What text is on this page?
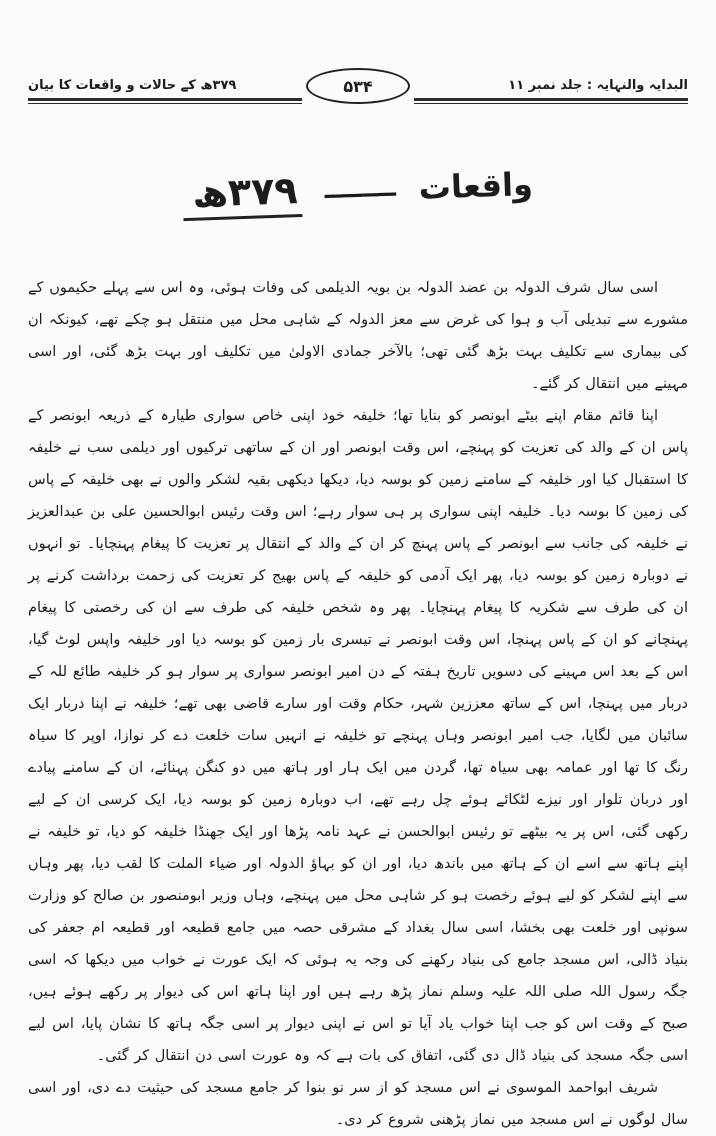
البدایہ والنہایہ : جلد نمبر ۱۱
۵۳۴
۳۷۹ھ کے حالات و واقعات کا بیان
واقعات ــــــــ ۳۷۹ھ

اسی سال شرف الدولہ بن عضد الدولہ بن بویہ الدیلمی کی وفات ہوئی، وہ اس سے پہلے حکیموں کے مشورے سے تبدیلی آب و ہوا کی غرض سے معز الدولہ کے شاہی محل میں منتقل ہو چکے تھے، کیونکہ ان کی بیماری سے تکلیف بہت بڑھ گئی تھی؛ بالآخر جمادی الاولیٰ میں تکلیف اور بہت بڑھ گئی، اور اسی مہینے میں انتقال کر گئے۔

اپنا قائم مقام اپنے بیٹے ابونصر کو بنایا تھا؛ خلیفہ خود اپنی خاص سواری طیارہ کے ذریعہ ابونصر کے پاس ان کے والد کی تعزیت کو پہنچے، اس وقت ابونصر اور ان کے ساتھی ترکیوں اور دیلمی سب نے خلیفہ کا استقبال کیا اور خلیفہ کے سامنے زمین کو بوسہ دیا، دیکھا دیکھی بقیہ لشکر والوں نے بھی خلیفہ کے پاس کی زمین کا بوسہ دیا۔ خلیفہ اپنی سواری پر ہی سوار رہے؛ اس وقت رئیس ابوالحسین علی بن عبدالعزیز نے خلیفہ کی جانب سے ابونصر کے پاس پہنچ کر ان کے والد کے انتقال پر تعزیت کا پیغام پہنچایا۔ تو انہوں نے دوبارہ زمین کو بوسہ دیا، پھر ایک آدمی کو خلیفہ کے پاس بھیج کر تعزیت کی زحمت برداشت کرنے پر ان کی طرف سے شکریہ کا پیغام پہنچایا۔ پھر وہ شخص خلیفہ کی طرف سے ان کی رخصتی کا پیغام پہنچانے کو ان کے پاس پہنچا، اس وقت ابونصر نے تیسری بار زمین کو بوسہ دیا اور خلیفہ واپس لوٹ گیا، اس کے بعد اس مہینے کی دسویں تاریخ ہفتہ کے دن امیر ابونصر سواری پر سوار ہو کر خلیفہ طائع للہ کے دربار میں پہنچا، اس کے ساتھ معززین شہر، حکام وقت اور سارے قاضی بھی تھے؛ خلیفہ نے اپنا دربار ایک سائبان میں لگایا، جب امیر ابونصر وہاں پہنچے تو خلیفہ نے انہیں سات خلعت دے کر نوازا، اوپر کا سیاہ رنگ کا تھا اور عمامہ بھی سیاہ تھا، گردن میں ایک ہار اور ہاتھ میں دو کنگن پہنائے، ان کے سامنے پیادے اور دربان تلوار اور نیزے لٹکائے ہوئے چل رہے تھے، اب دوبارہ زمین کو بوسہ دیا، ایک کرسی ان کے لیے رکھی گئی، اس پر یہ بیٹھے تو رئیس ابوالحسن نے عہد نامہ پڑھا اور ایک جھنڈا خلیفہ کو دیا، تو خلیفہ نے اپنے ہاتھ سے اسے ان کے ہاتھ میں باندھ دیا، اور ان کو بہاؤ الدولہ اور ضیاء الملت کا لقب دیا، پھر وہاں سے اپنے لشکر کو لیے ہوئے رخصت ہو کر شاہی محل میں پہنچے، وہاں وزیر ابومنصور بن صالح کو وزارت سونپی اور خلعت بھی بخشا، اسی سال بغداد کے مشرقی حصہ میں جامع قطیعہ اور قطیعہ ام جعفر کی بنیاد ڈالی، اس مسجد جامع کی بنیاد رکھنے کی وجہ یہ ہوئی کہ ایک عورت نے خواب میں دیکھا کہ اسی جگہ رسول اللہ صلی اللہ علیہ وسلم نماز پڑھ رہے ہیں اور اپنا ہاتھ اس کی دیوار پر رکھے ہوئے ہیں، صبح کے وقت اس کو جب اپنا خواب یاد آیا تو اس نے اپنی دیوار پر اسی جگہ ہاتھ کا نشان پایا، اس لیے اسی جگہ مسجد کی بنیاد ڈال دی گئی، اتفاق کی بات ہے کہ وہ عورت اسی دن انتقال کر گئی۔

شریف ابواحمد الموسوی نے اس مسجد کو از سر نو بنوا کر جامع مسجد کی حیثیت دے دی، اور اسی سال لوگوں نے اس مسجد میں نماز پڑھنی شروع کر دی۔
